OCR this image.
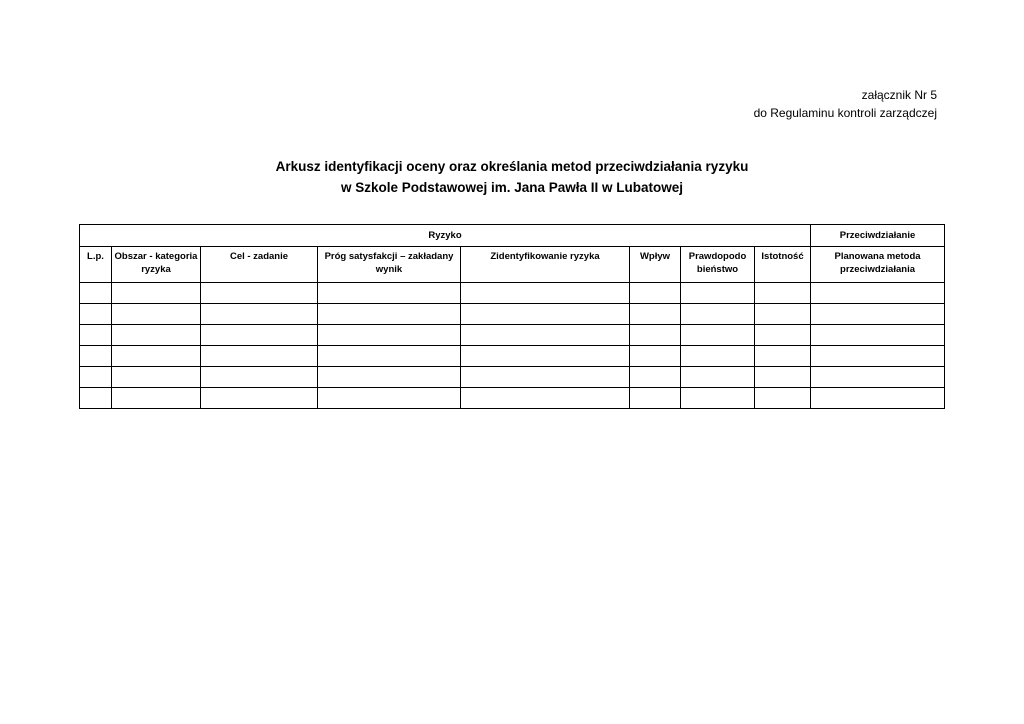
załącznik Nr 5
do Regulaminu kontroli zarządczej
Arkusz identyfikacji oceny oraz określania metod przeciwdziałania ryzyku
w Szkole Podstawowej im. Jana Pawła II w Lubatowej
Ryzyko								Przeciwdziałanie
L.p.	Obszar - kategoria ryzyka	Cel - zadanie	Próg satysfakcji – zakładany wynik	Zidentyfikowanie ryzyka	Wpływ	Prawdopodo bieństwo	Istotność	Planowana metoda przeciwdziałania
